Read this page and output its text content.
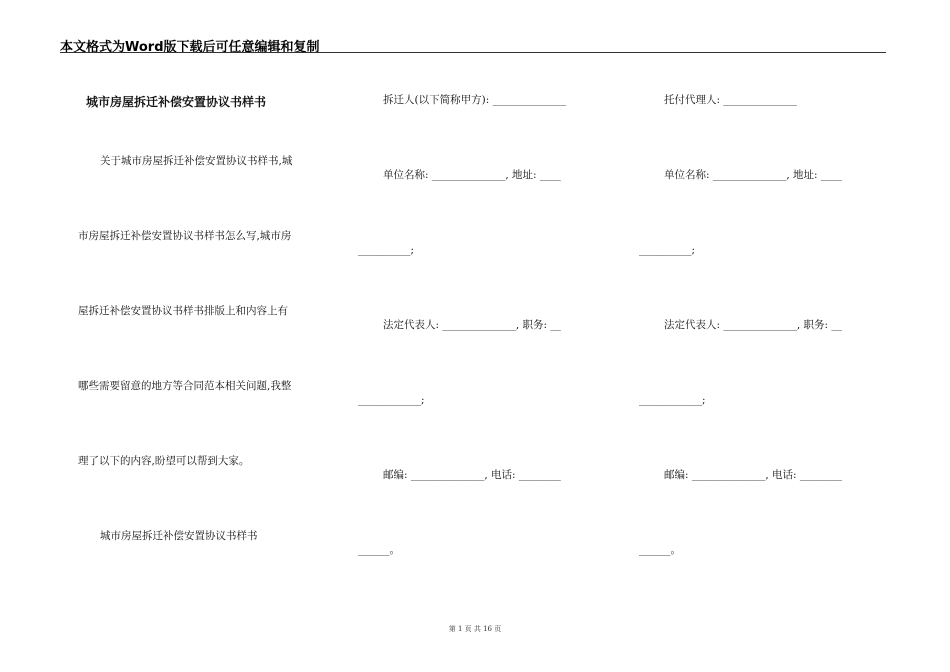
本文格式为Word版下载后可任意编辑和复制
城市房屋拆迁补偿安置协议书样书
关于城市房屋拆迁补偿安置协议书样书,城
市房屋拆迁补偿安置协议书样书怎么写,城市房
屋拆迁补偿安置协议书样书排版上和内容上有
哪些需要留意的地方等合同范本相关问题,我整
理了以下的内容,盼望可以帮到大家。
城市房屋拆迁补偿安置协议书样书
拆迁人(以下简称甲方): ______________
单位名称: ______________, 地址: ____
__________;
法定代表人: ______________, 职务: __
____________;
邮编: ______________, 电话: ________
______。
托付代理人: ______________
单位名称: ______________, 地址: ____
__________;
法定代表人: ______________, 职务: __
____________;
邮编: ______________, 电话: ________
______。
第 1 页 共 16 页
